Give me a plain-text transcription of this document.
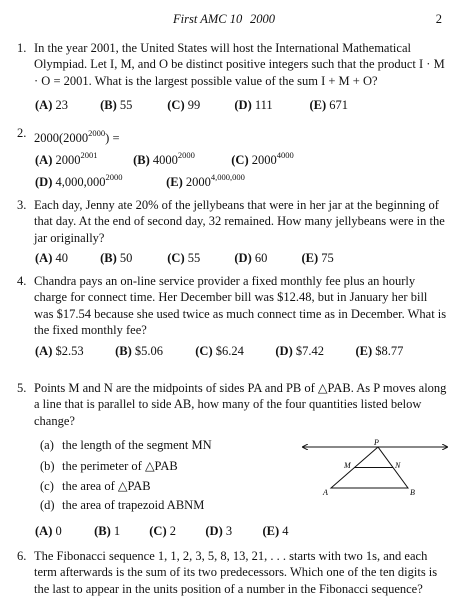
First AMC 10 2000	2
1. In the year 2001, the United States will host the International Mathematical Olympiad. Let I, M, and O be distinct positive integers such that the product I · M · O = 2001. What is the largest possible value of the sum I + M + O?
(A) 23	(B) 55	(C) 99	(D) 111	(E) 671
2. $2000(2000^{2000})$ =
(A) $2000^{2001}$	(B) $4000^{2000}$	(C) $2000^{4000}$
(D) $4,000,000^{2000}$	(E) 2000$^{4,000,000}$
3. Each day, Jenny ate 20% of the jellybeans that were in her jar at the beginning of that day. At the end of second day, 32 remained. How many jellybeans were in the jar originally?
(A) 40	(B) 50	(C) 55	(D) 60	(E) 75
4. Chandra pays an on-line service provider a fixed monthly fee plus an hourly charge for connect time. Her December bill was $12.48, but in January her bill was $17.54 because she used twice as much connect time as in December. What is the fixed monthly fee?
(A) $2.53	(B) $5.06	(C) $6.24	(D) $7.42	(E) $8.77
5. Points M and N are the midpoints of sides PA and PB of △PAB. As P moves along a line that is parallel to side AB, how many of the four quantities listed below change?
(a) the length of the segment MN
(b) the perimeter of △PAB
(c) the area of △PAB
(d) the area of trapezoid ABNM
P
M	N
A	B
(A) 0	(B) 1 (C) 2 (D) 3 (E) 4
6. The Fibonacci sequence 1, 1, 2, 3, 5, 8, 13, 21, . . . starts with two 1s, and each term afterwards is the sum of its two predecessors. Which one of the ten digits is the last to appear in the units position of a number in the Fibonacci sequence?
